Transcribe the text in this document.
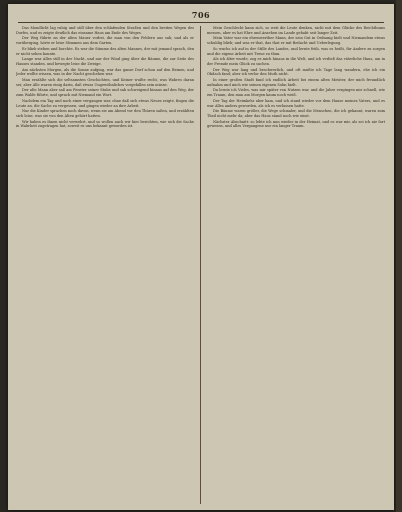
706

Das Mondlicht lag ruhig und still über den schlafenden Straßen und den breiten Wegen des Dorfes, und es zeigte deutlich das einsame Haus am Ende des Weges.

Der Weg führte an der alten Mauer vorbei, die man von den Feldern aus sah; und als er vorüberging, hörte er leise Stimmen aus dem Garten.

Er blieb stehen und horchte. Es war die Stimme des alten Mannes, der mit jemand sprach, den er nicht sehen konnte.

Lange war Alles still in der Nacht, und nur der Wind ging über die Bäume, die zur Seite des Hauses standen, und bewegte leise die Zweige.

Am nächsten Morgen, als die Sonne aufging, war das ganze Dorf schon auf den Beinen, und Jeder wollte wissen, was in der Nacht geschehen war.

Man erzählte sich die seltsamsten Geschichten, und Keiner wußte recht, was Wahres daran sei; aber Alle waren einig darin, daß etwas Ungewöhnliches vorgefallen sein müsse.

Der alte Mann aber saß am Fenster seiner Stube und sah schweigend hinaus auf den Weg, der zum Walde führte, und sprach mit Niemand ein Wort.

Nachdem ein Tag und noch einer vergangen war, ohne daß sich etwas Neues zeigte, fingen die Leute an, die Sache zu vergessen, und gingen wieder an ihre Arbeit.

Nur die Kinder sprachen noch davon, wenn sie am Abend vor den Thüren saßen, und erzählten sich leise, was sie von den Alten gehört hatten.

Wir haben es ihnen nicht verwehrt, und so wollen auch wir hier berichten, wie sich die Sache in Wahrheit zugetragen hat, soweit es uns bekannt geworden ist.

Mein Geschlecht kann sich, so weit die Leute denken, nicht mit dem Glücke des Reichthums messen, aber es hat Ehre und Ansehen im Lande gehabt seit langer Zeit.

Mein Vater war ein ehrenwerther Mann, der sein Gut in Ordnung hielt und Niemandem etwas schuldig blieb; und was er that, das that er mit Bedacht und Ueberlegung.

So wuchs ich auf in der Stille des Landes, und lernte früh, was es heißt, für Andere zu sorgen und die eigene Arbeit mit Treue zu thun.

Als ich älter wurde, zog es mich hinaus in die Welt, und ich verließ das väterliche Haus, um in der Fremde mein Glück zu suchen.

Der Weg war lang und beschwerlich, und oft mußte ich Tage lang wandern, ehe ich ein Obdach fand; aber ich verlor den Muth nicht.

In einer großen Stadt fand ich endlich Arbeit bei einem alten Meister, der mich freundlich aufnahm und mich wie seinen eigenen Sohn hielt.

Da lernte ich Vieles, was mir später von Nutzen war, und die Jahre vergingen mir schnell, wie ein Traum, den man am Morgen kaum noch weiß.

Der Tag der Heimkehr aber kam, und ich stand wieder vor dem Hause meines Vaters, und es war Alles anders geworden, als ich es verlassen hatte.

Die Bäume waren größer, die Wege schmaler, und die Menschen, die ich gekannt, waren zum Theil nicht mehr da; aber das Haus stand noch wie einst.

Nächster Abschnitt: so lebte ich nun wieder in der Heimat, und es war mir, als sei ich nie fort gewesen, und alles Vergangene nur ein langer Traum.
